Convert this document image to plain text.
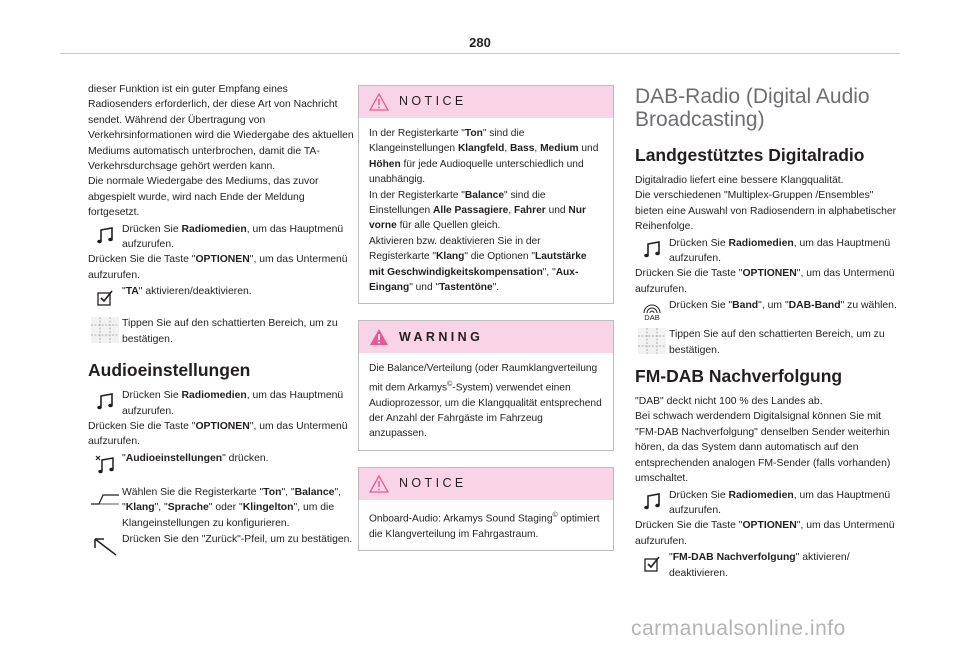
280

dieser Funktion ist ein guter Empfang eines Radiosenders erforderlich, der diese Art von Nachricht sendet. Während der Übertragung von Verkehrsinformationen wird die Wiedergabe des aktuellen Mediums automatisch unterbrochen, damit die TA-Verkehrsdurchsage gehört werden kann.

Die normale Wiedergabe des Mediums, das zuvor abgespielt wurde, wird nach Ende der Meldung fortgesetzt.

Drücken Sie Radiomedien, um das Hauptmenü aufzurufen.

Drücken Sie die Taste "OPTIONEN", um das Untermenü aufzurufen.

"TA" aktivieren/deaktivieren.
Tippen Sie auf den schattierten Bereich, um zu bestätigen.
Audioeinstellungen
Drücken Sie Radiomedien, um das Hauptmenü aufzurufen.

Drücken Sie die Taste "OPTIONEN", um das Untermenü aufzurufen.

"Audioeinstellungen" drücken.
Wählen Sie die Registerkarte "Ton", "Balance", "Klang", "Sprache" oder "Klingelton", um die Klangeinstellungen zu konfigurieren.
Drücken Sie den "Zurück"-Pfeil, um zu bestätigen.
NOTICE

In der Registerkarte "Ton" sind die Klangeinstellungen Klangfeld, Bass, Medium und Höhen für jede Audioquelle unterschiedlich und unabhängig.

In der Registerkarte "Balance" sind die Einstellungen Alle Passagiere, Fahrer und Nur vorne für alle Quellen gleich.

Aktivieren bzw. deaktivieren Sie in der Registerkarte "Klang" die Optionen "Lautstärke mit Geschwindigkeitskompensation", "Aux-Eingang" und "Tastentöne".

WARNING

Die Balance/Verteilung (oder Raumklangverteilung mit dem Arkamys©-System) verwendet einen Audioprozessor, um die Klangqualität entsprechend der Anzahl der Fahrgäste im Fahrzeug anzupassen.

NOTICE

Onboard-Audio: Arkamys Sound Staging© optimiert die Klangverteilung im Fahrgastraum.

DAB-Radio (Digital Audio Broadcasting)
Landgestütztes Digitalradio

Digitalradio liefert eine bessere Klangqualität.

Die verschiedenen "Multiplex-Gruppen /Ensembles" bieten eine Auswahl von Radiosendern in alphabetischer Reihenfolge.

Drücken Sie Radiomedien, um das Hauptmenü aufzurufen.

Drücken Sie die Taste "OPTIONEN", um das Untermenü aufzurufen.

DAB
Drücken Sie "Band", um "DAB-Band" zu wählen.
Tippen Sie auf den schattierten Bereich, um zu bestätigen.
FM-DAB Nachverfolgung

"DAB" deckt nicht 100 % des Landes ab.

Bei schwach werdendem Digitalsignal können Sie mit "FM-DAB Nachverfolgung" denselben Sender weiterhin hören, da das System dann automatisch auf den entsprechenden analogen FM-Sender (falls vorhanden) umschaltet.

Drücken Sie Radiomedien, um das Hauptmenü aufzurufen.

Drücken Sie die Taste "OPTIONEN", um das Untermenü aufzurufen.

"FM-DAB Nachverfolgung" aktivieren/ deaktivieren.
carmanualsonline.info
